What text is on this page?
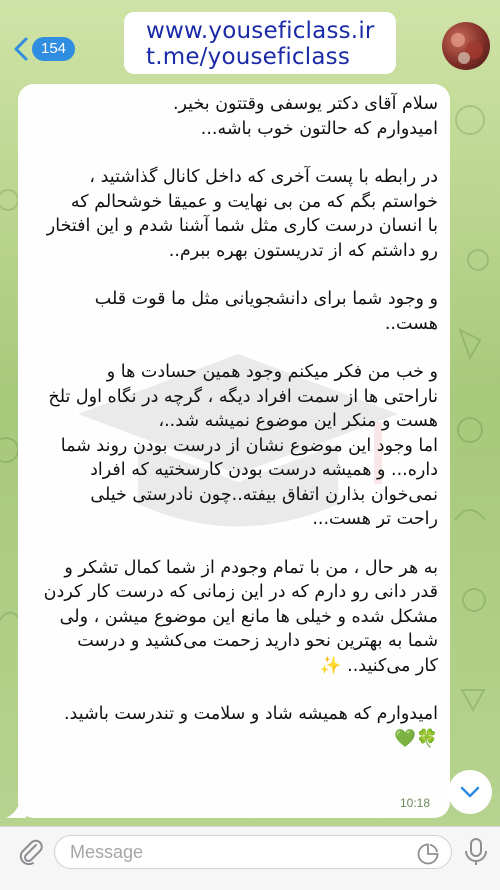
154
www.youseficlass.ir
t.me/youseficlass

سلام آقای دکتر یوسفی وقتتون بخیر.
امیدوارم که حالتون خوب باشه...

در رابطه با پست آخری که داخل کانال گذاشتید ،
خواستم بگم که من بی نهایت و عمیقا خوشحالم که
با انسان درست کاری مثل شما آشنا شدم و این افتخار
رو داشتم که از تدریستون بهره ببرم..

و وجود شما برای دانشجویانی مثل ما قوت قلب
هست..

و خب من فکر میکنم وجود همین حسادت ها و
ناراحتی ها از سمت افراد دیگه ، گرچه در نگاه اول تلخ
هست و منکر این موضوع نمیشه شد..،
اما وجود این موضوع نشان از درست بودن روند شما
داره... و همیشه درست بودن کارسختیه که افراد
نمی‌خوان بذارن اتفاق بیفته..چون نادرستی خیلی
راحت تر هست...

به هر حال ، من با تمام وجودم از شما کمال تشکر و
قدر دانی رو دارم که در این زمانی که درست کار کردن
مشکل شده و خیلی ها مانع این موضوع میشن ، ولی
شما به بهترین نحو دارید زحمت می‌کشید و درست
کار می‌کنید.. ✨

امیدوارم که همیشه شاد و سلامت و تندرست باشید.
🍀💚

10:18
Message
